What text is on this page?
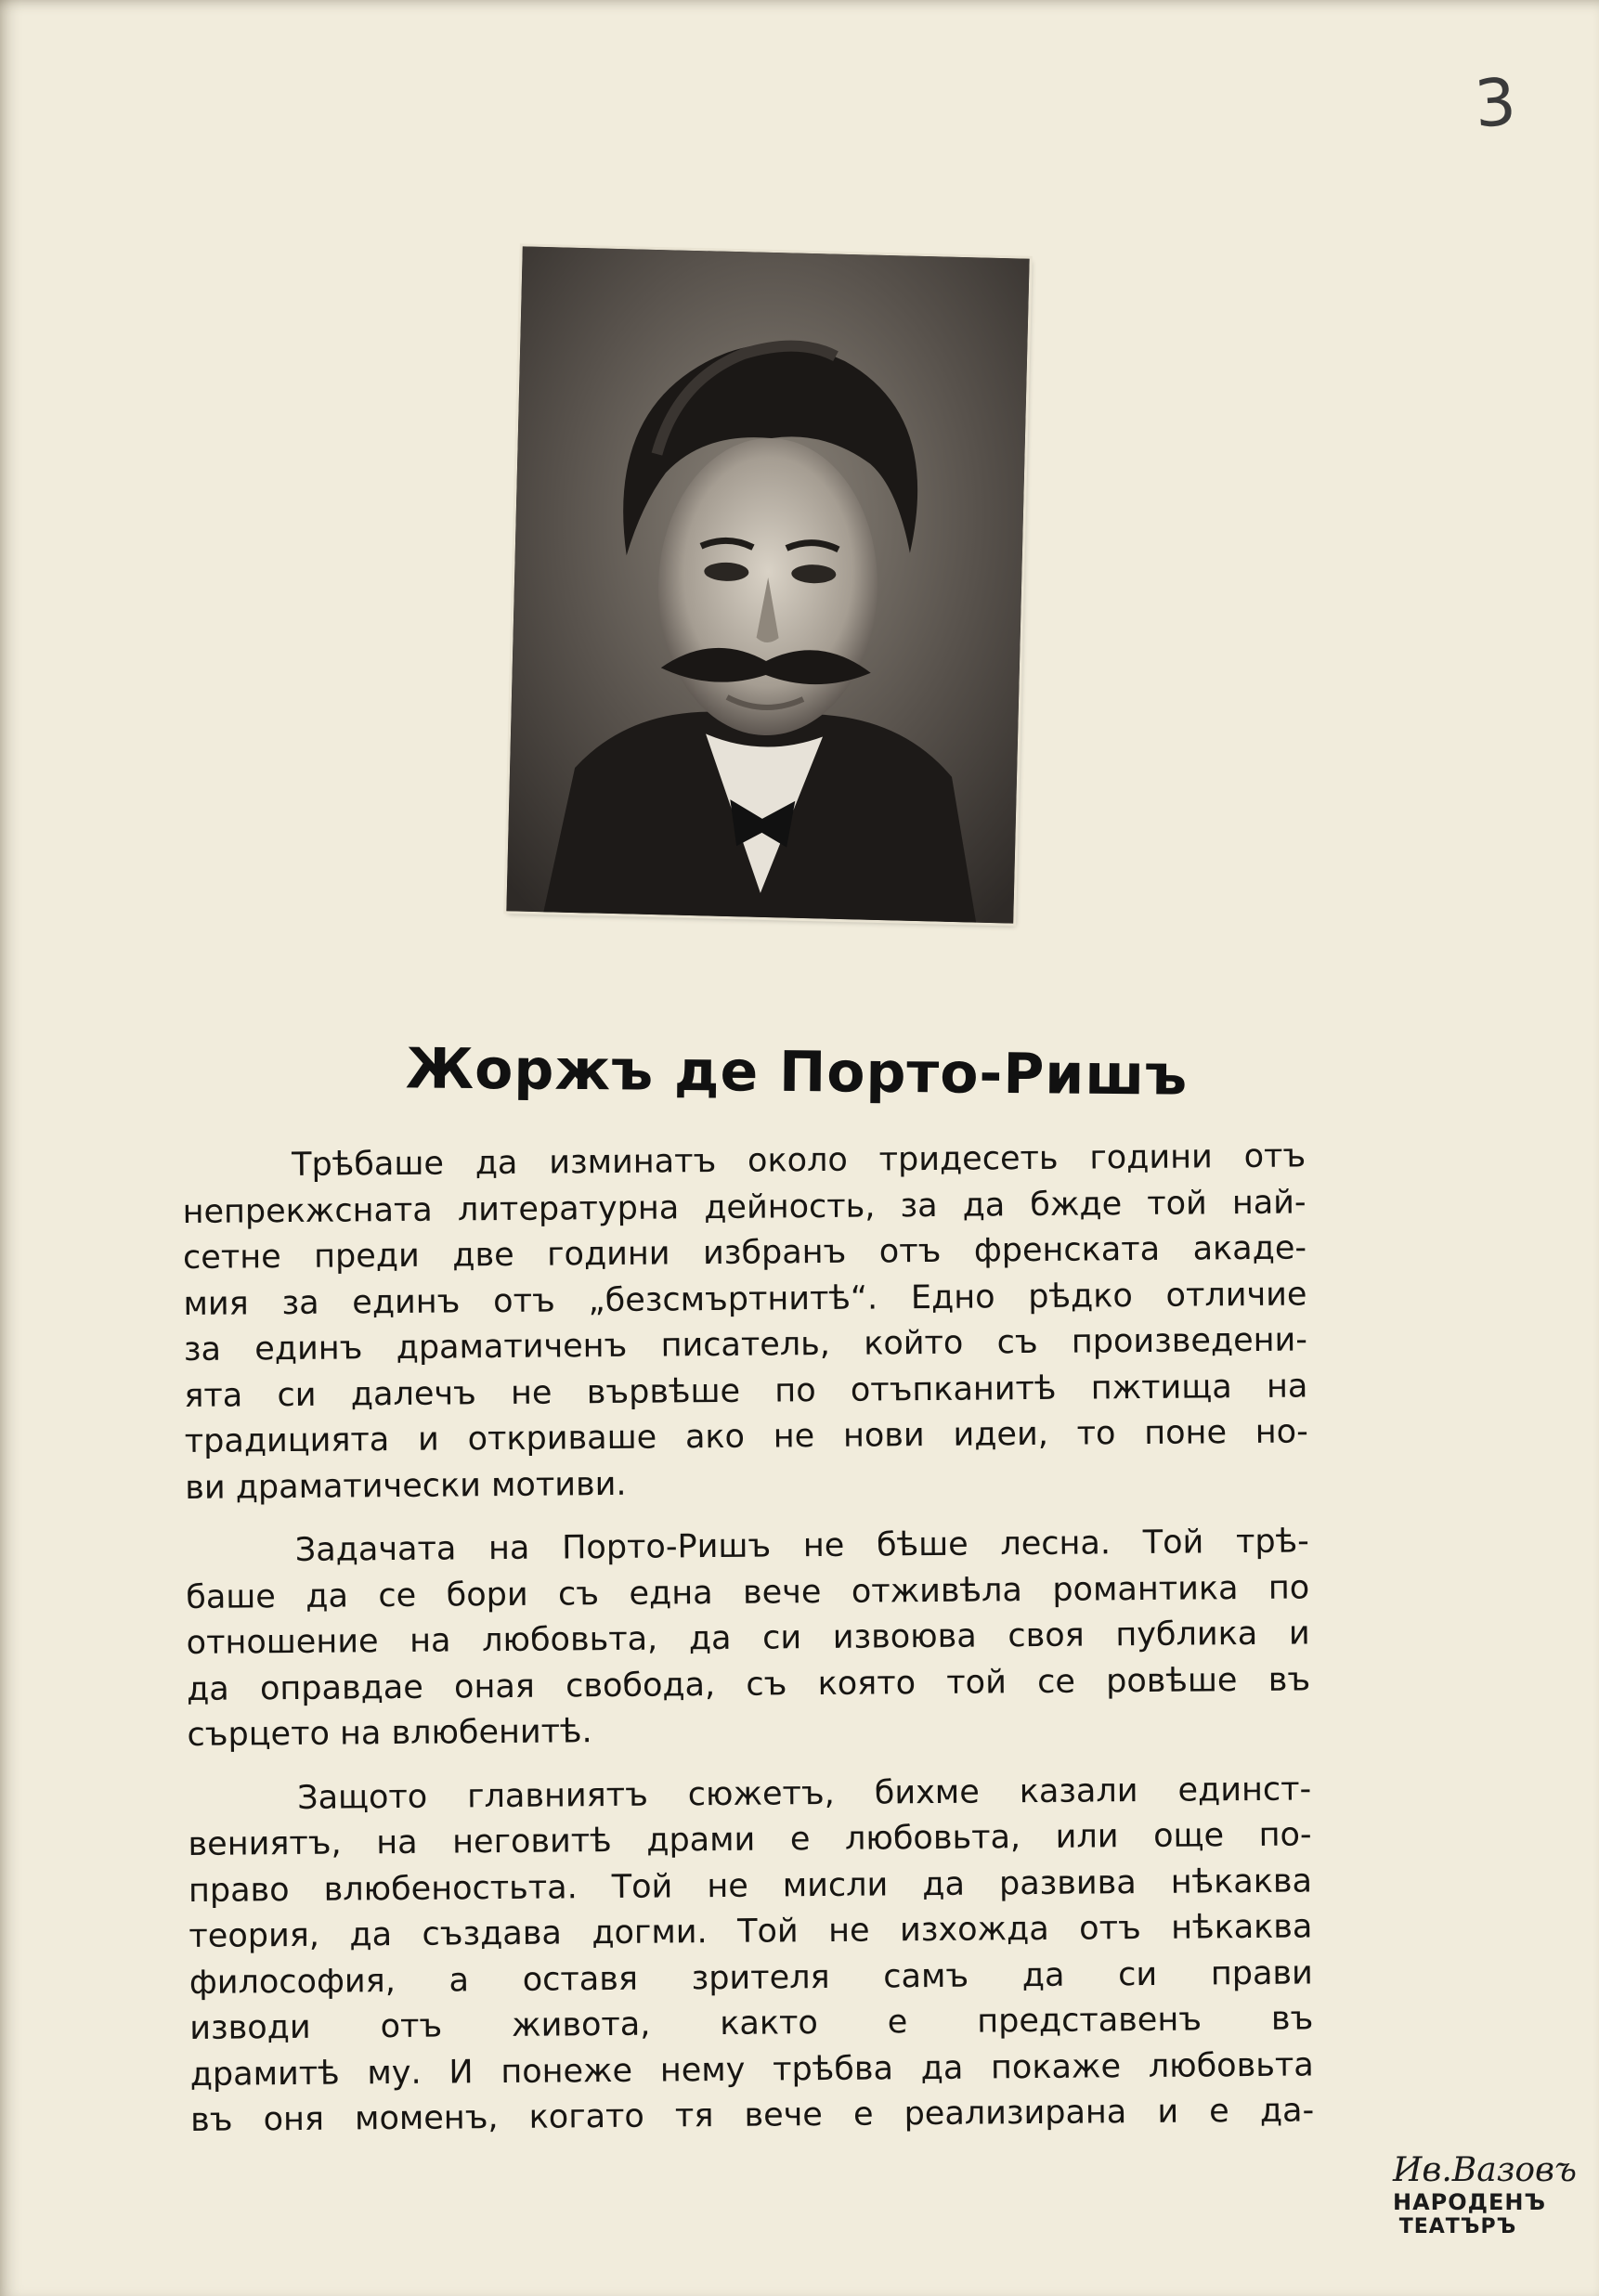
3
Жоржъ де Порто-Ришъ
Трѣбаше да изминатъ около тридесеть години отъ
непрекжсната литературна дейность, за да бжде той най-
сетне преди две години избранъ отъ френската акаде-
мия за единъ отъ „безсмъртнитѣ“. Едно рѣдко отличие
за единъ драматиченъ писатель, който съ произведени-
ята си далечъ не вървѣше по отъпканитѣ пжтища на
традицията и откриваше ако не нови идеи, то поне но-
ви драматически мотиви.
Задачата на Порто-Ришъ не бѣше лесна. Той трѣ-
баше да се бори съ една вече отживѣла романтика по
отношение на любовьта, да си извоюва своя публика и
да оправдае оная свобода, съ която той се ровѣше въ
сърцето на влюбенитѣ.
Защото главниятъ сюжетъ, бихме казали единст-
вениятъ, на неговитѣ драми е любовьта, или още по-
право влюбеностьта. Той не мисли да развива нѣкаква
теория, да създава догми. Той не изхожда отъ нѣкаква
философия, а оставя зрителя самъ да си прави
изводи отъ живота, както е представенъ въ
драмитѣ му. И понеже нему трѣбва да покаже любовьта
въ оня моменъ, когато тя вече е реализирана и е да-
Ив.Вазовъ
НАРОДЕНЪ
ТЕАТЪРЪ
